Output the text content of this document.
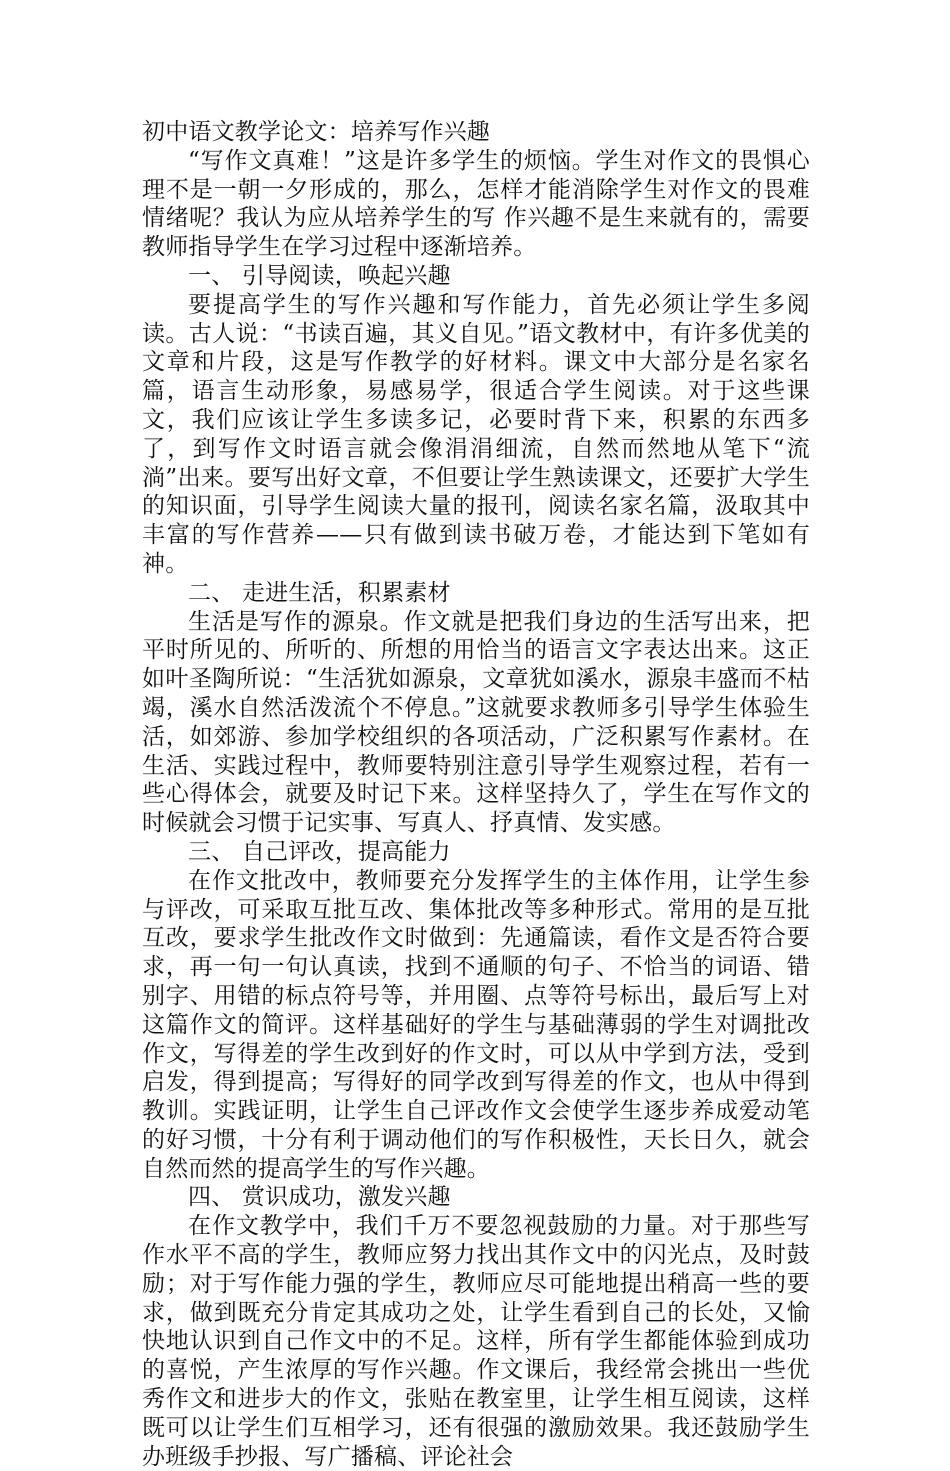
初中语文教学论文：培养写作兴趣

“写作文真难！”这是许多学生的烦恼。学生对作文的畏惧心理不是一朝一夕形成的，那么，怎样才能消除学生对作文的畏难情绪呢？我认为应从培养学生的写 作兴趣不是生来就有的，需要教师指导学生在学习过程中逐渐培养。

一、 引导阅读，唤起兴趣

要提高学生的写作兴趣和写作能力，首先必须让学生多阅读。古人说：“书读百遍，其义自见。”语文教材中，有许多优美的文章和片段，这是写作教学的好材料。课文中大部分是名家名篇，语言生动形象，易感易学，很适合学生阅读。对于这些课文，我们应该让学生多读多记，必要时背下来，积累的东西多了，到写作文时语言就会像涓涓细流，自然而然地从笔下“流淌”出来。要写出好文章，不但要让学生熟读课文，还要扩大学生的知识面，引导学生阅读大量的报刊，阅读名家名篇，汲取其中丰富的写作营养——只有做到读书破万卷，才能达到下笔如有神。

二、 走进生活，积累素材

生活是写作的源泉。作文就是把我们身边的生活写出来，把平时所见的、所听的、所想的用恰当的语言文字表达出来。这正如叶圣陶所说：“生活犹如源泉，文章犹如溪水，源泉丰盛而不枯竭，溪水自然活泼流个不停息。”这就要求教师多引导学生体验生活，如郊游、参加学校组织的各项活动，广泛积累写作素材。在生活、实践过程中，教师要特别注意引导学生观察过程，若有一些心得体会，就要及时记下来。这样坚持久了，学生在写作文的时候就会习惯于记实事、写真人、抒真情、发实感。

三、 自己评改，提高能力

在作文批改中，教师要充分发挥学生的主体作用，让学生参与评改，可采取互批互改、集体批改等多种形式。常用的是互批互改，要求学生批改作文时做到：先通篇读，看作文是否符合要求，再一句一句认真读，找到不通顺的句子、不恰当的词语、错别字、用错的标点符号等，并用圈、点等符号标出，最后写上对这篇作文的简评。这样基础好的学生与基础薄弱的学生对调批改作文，写得差的学生改到好的作文时，可以从中学到方法，受到启发，得到提高；写得好的同学改到写得差的作文，也从中得到教训。实践证明，让学生自己评改作文会使学生逐步养成爱动笔的好习惯，十分有利于调动他们的写作积极性，天长日久，就会自然而然的提高学生的写作兴趣。

四、 赏识成功，激发兴趣

在作文教学中，我们千万不要忽视鼓励的力量。对于那些写作水平不高的学生，教师应努力找出其作文中的闪光点，及时鼓励；对于写作能力强的学生，教师应尽可能地提出稍高一些的要求，做到既充分肯定其成功之处，让学生看到自己的长处，又愉快地认识到自己作文中的不足。这样，所有学生都能体验到成功的喜悦，产生浓厚的写作兴趣。作文课后，我经常会挑出一些优秀作文和进步大的作文，张贴在教室里，让学生相互阅读，这样既可以让学生们互相学习，还有很强的激励效果。我还鼓励学生办班级手抄报、写广播稿、评论社会
